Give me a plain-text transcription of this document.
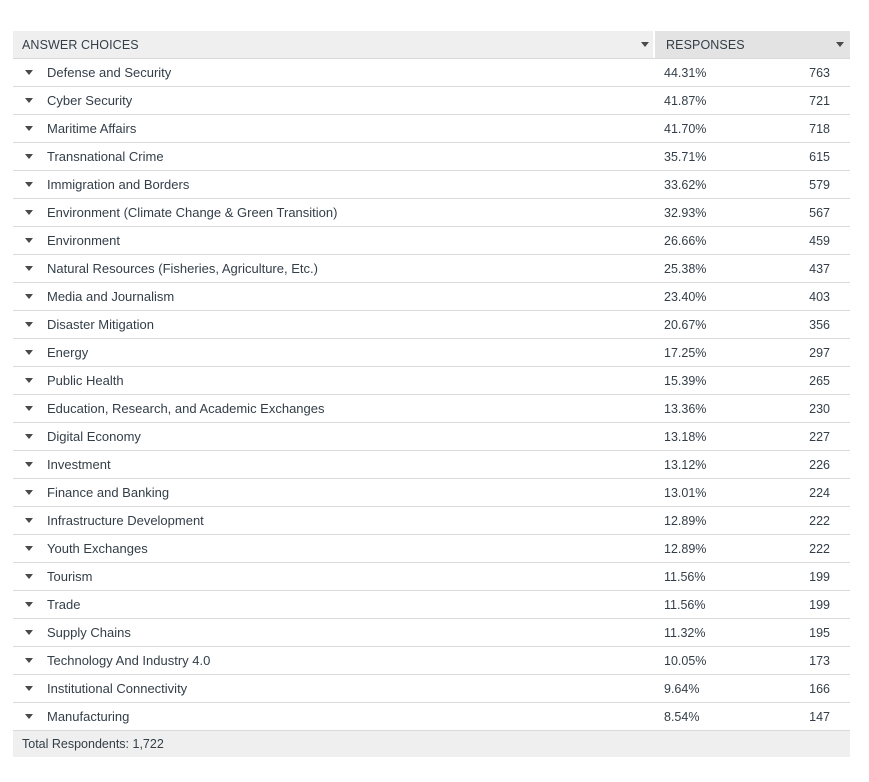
ANSWER CHOICES	RESPONSES
Defense and Security	44.31%	763
Cyber Security	41.87%	721
Maritime Affairs	41.70%	718
Transnational Crime	35.71%	615
Immigration and Borders	33.62%	579
Environment (Climate Change & Green Transition)	32.93%	567
Environment	26.66%	459
Natural Resources (Fisheries, Agriculture, Etc.)	25.38%	437
Media and Journalism	23.40%	403
Disaster Mitigation	20.67%	356
Energy	17.25%	297
Public Health	15.39%	265
Education, Research, and Academic Exchanges	13.36%	230
Digital Economy	13.18%	227
Investment	13.12%	226
Finance and Banking	13.01%	224
Infrastructure Development	12.89%	222
Youth Exchanges	12.89%	222
Tourism	11.56%	199
Trade	11.56%	199
Supply Chains	11.32%	195
Technology And Industry 4.0	10.05%	173
Institutional Connectivity	9.64%	166
Manufacturing	8.54%	147
Total Respondents: 1,722
